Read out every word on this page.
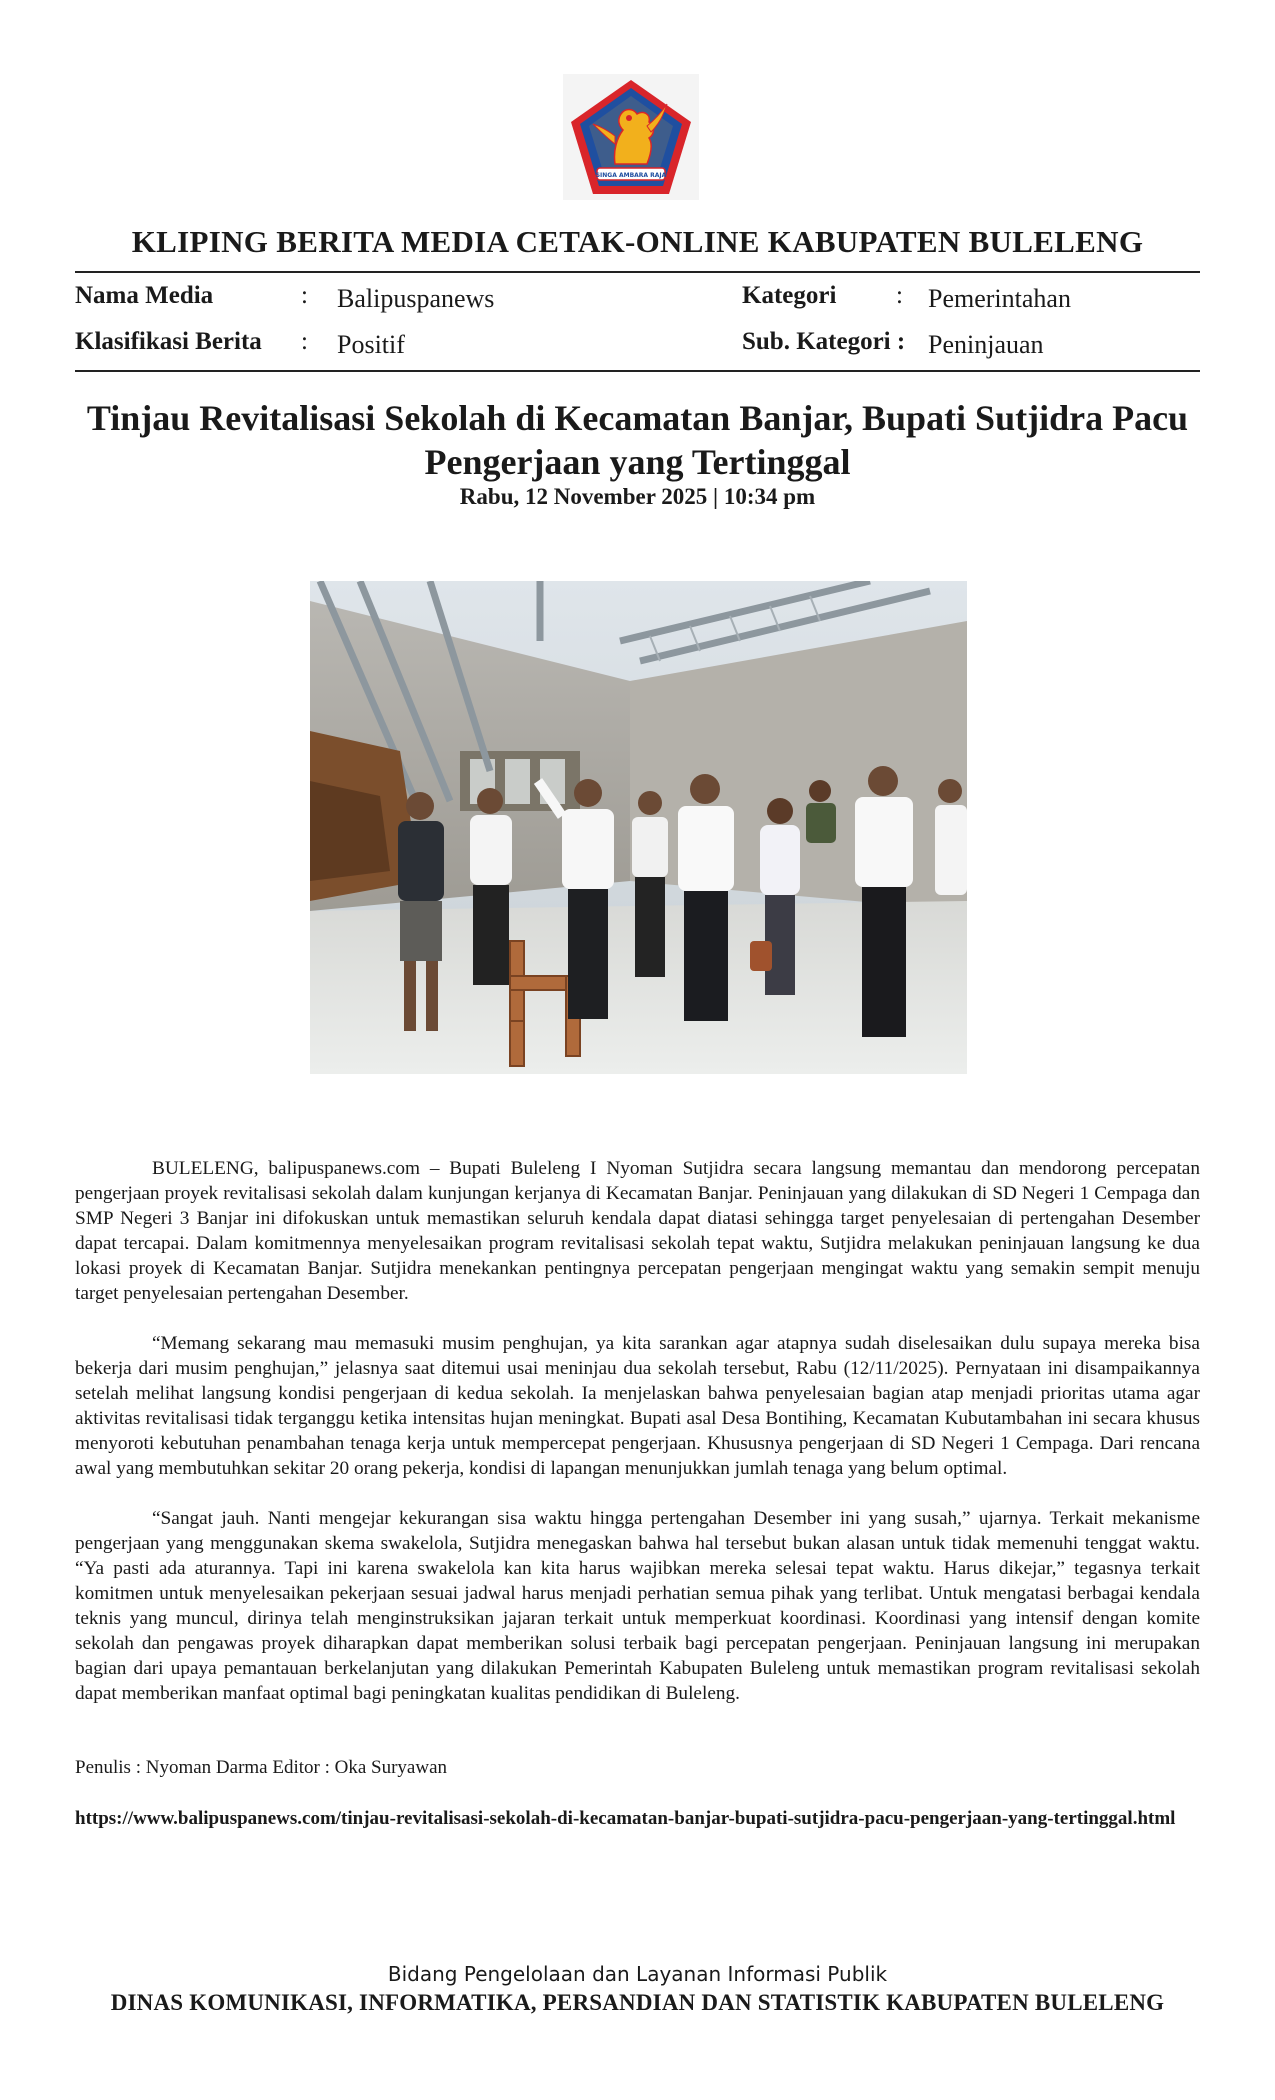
SINGA AMBARA RAJA
KLIPING BERITA MEDIA CETAK-ONLINE KABUPATEN BULELENG
Nama Media	: Balipuspanews
Klasifikasi Berita : Positif
Kategori : Pemerintahan
Sub. Kategori : Peninjauan
Tinjau Revitalisasi Sekolah di Kecamatan Banjar, Bupati Sutjidra Pacu Pengerjaan yang Tertinggal
Rabu, 12 November 2025 | 10:34 pm

BULELENG, balipuspanews.com – Bupati Buleleng I Nyoman Sutjidra secara langsung memantau dan mendorong percepatan pengerjaan proyek revitalisasi sekolah dalam kunjungan kerjanya di Kecamatan Banjar. Peninjauan yang dilakukan di SD Negeri 1 Cempaga dan SMP Negeri 3 Banjar ini difokuskan untuk memastikan seluruh kendala dapat diatasi sehingga target penyelesaian di pertengahan Desember dapat tercapai. Dalam komitmennya menyelesaikan program revitalisasi sekolah tepat waktu, Sutjidra melakukan peninjauan langsung ke dua lokasi proyek di Kecamatan Banjar. Sutjidra menekankan pentingnya percepatan pengerjaan mengingat waktu yang semakin sempit menuju target penyelesaian pertengahan Desember.

“Memang sekarang mau memasuki musim penghujan, ya kita sarankan agar atapnya sudah diselesaikan dulu supaya mereka bisa bekerja dari musim penghujan,” jelasnya saat ditemui usai meninjau dua sekolah tersebut, Rabu (12/11/2025). Pernyataan ini disampaikannya setelah melihat langsung kondisi pengerjaan di kedua sekolah. Ia menjelaskan bahwa penyelesaian bagian atap menjadi prioritas utama agar aktivitas revitalisasi tidak terganggu ketika intensitas hujan meningkat. Bupati asal Desa Bontihing, Kecamatan Kubutambahan ini secara khusus menyoroti kebutuhan penambahan tenaga kerja untuk mempercepat pengerjaan. Khususnya pengerjaan di SD Negeri 1 Cempaga. Dari rencana awal yang membutuhkan sekitar 20 orang pekerja, kondisi di lapangan menunjukkan jumlah tenaga yang belum optimal.

“Sangat jauh. Nanti mengejar kekurangan sisa waktu hingga pertengahan Desember ini yang susah,” ujarnya. Terkait mekanisme pengerjaan yang menggunakan skema swakelola, Sutjidra menegaskan bahwa hal tersebut bukan alasan untuk tidak memenuhi tenggat waktu. “Ya pasti ada aturannya. Tapi ini karena swakelola kan kita harus wajibkan mereka selesai tepat waktu. Harus dikejar,” tegasnya terkait komitmen untuk menyelesaikan pekerjaan sesuai jadwal harus menjadi perhatian semua pihak yang terlibat. Untuk mengatasi berbagai kendala teknis yang muncul, dirinya telah menginstruksikan jajaran terkait untuk memperkuat koordinasi. Koordinasi yang intensif dengan komite sekolah dan pengawas proyek diharapkan dapat memberikan solusi terbaik bagi percepatan pengerjaan. Peninjauan langsung ini merupakan bagian dari upaya pemantauan berkelanjutan yang dilakukan Pemerintah Kabupaten Buleleng untuk memastikan program revitalisasi sekolah dapat memberikan manfaat optimal bagi peningkatan kualitas pendidikan di Buleleng.

Penulis : Nyoman Darma Editor : Oka Suryawan
https://www.balipuspanews.com/tinjau-revitalisasi-sekolah-di-kecamatan-banjar-bupati-sutjidra-pacu-pengerjaan-yang-tertinggal.html
Bidang Pengelolaan dan Layanan Informasi Publik
DINAS KOMUNIKASI, INFORMATIKA, PERSANDIAN DAN STATISTIK KABUPATEN BULELENG
